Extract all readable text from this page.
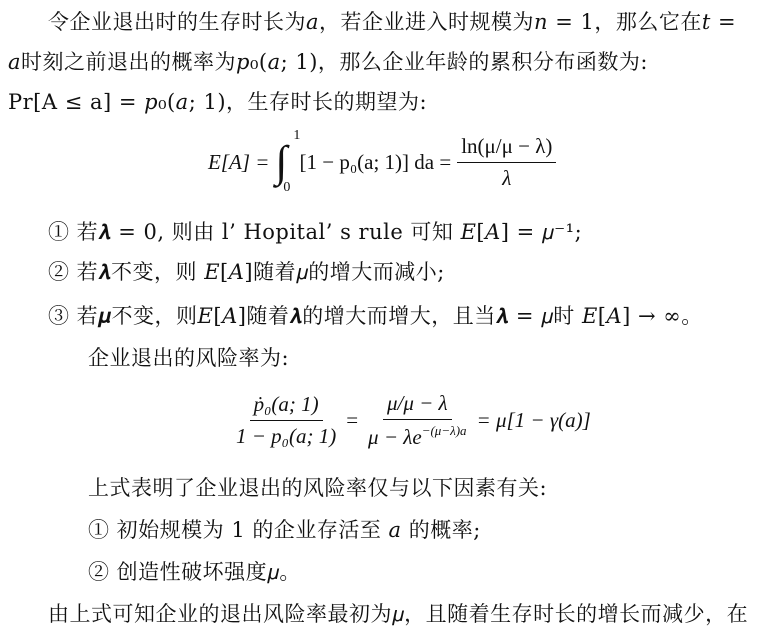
令企业退出时的生存时长为𝑎，若企业进入时规模为𝑛 = 1，那么它在𝑡 =
𝑎时刻之前退出的概率为𝑝₀(𝑎; 1)，那么企业年龄的累积分布函数为:
Pr[A ≤ a] = 𝑝₀(𝑎; 1)，生存时长的期望为:
E[A] = ∫
1
0
[1 − p₀(a; 1)] da = $\frac{\ln(\mu/\mu - \lambda)}{\lambda}$
① 若𝝀 = 0, 则由 l’ Hopital’ s rule 可知 𝐸[𝐴] = 𝜇⁻¹;
② 若𝝀不变，则 𝐸[𝐴]随着𝜇的增大而减小;
③ 若𝝁不变，则𝐸[𝐴]随着𝝀的增大而增大，且当𝝀 = 𝜇时 𝐸[𝐴] → ∞。
企业退出的风险率为:
$\frac{\text{ṗ₀(a; 1)}}{\text{1 − p₀(a; 1)}} = \frac{\mu/\mu - \lambda}{\mu - \lambda e^{-(\mu-\lambda)a}} = \mu[1 - \gamma(a)]$
上式表明了企业退出的风险率仅与以下因素有关:
① 初始规模为 1 的企业存活至 𝑎 的概率;
② 创造性破坏强度𝜇。
由上式可知企业的退出风险率最初为𝜇，且随着生存时长的增长而减少，在
